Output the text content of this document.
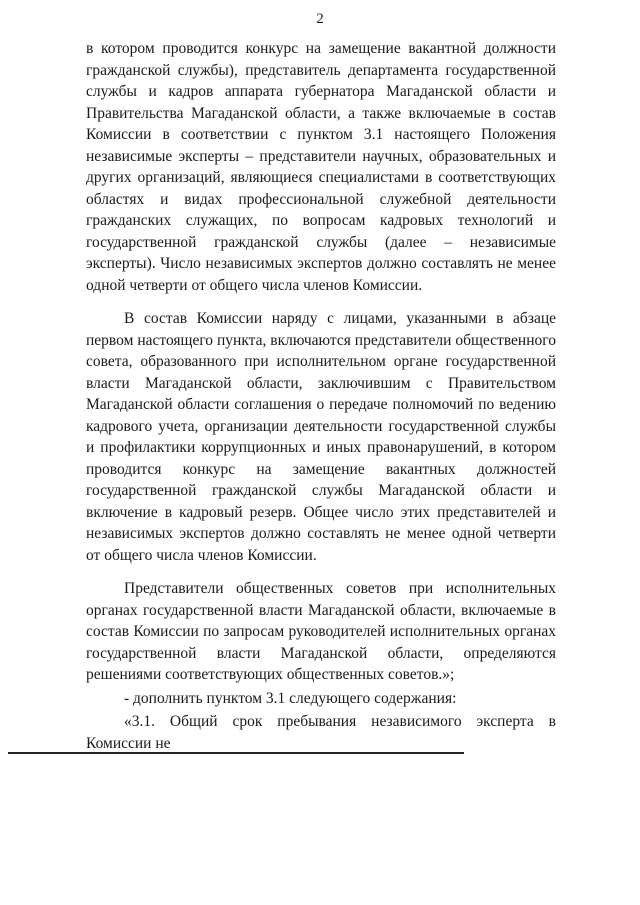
2

в котором проводится конкурс на замещение вакантной должности гражданской службы), представитель департамента государственной службы и кадров аппарата губернатора Магаданской области и Правительства Магаданской области, а также включаемые в состав Комиссии в соответствии с пунктом 3.1 настоящего Положения независимые эксперты – представители научных, образовательных и других организаций, являющиеся специалистами в соответствующих областях и видах профессиональной служебной деятельности гражданских служащих, по вопросам кадровых технологий и государственной гражданской службы (далее – независимые эксперты). Число независимых экспертов должно составлять не менее одной четверти от общего числа членов Комиссии.

В состав Комиссии наряду с лицами, указанными в абзаце первом настоящего пункта, включаются представители общественного совета, образованного при исполнительном органе государственной власти Магаданской области, заключившим с Правительством Магаданской области соглашения о передаче полномочий по ведению кадрового учета, организации деятельности государственной службы и профилактики коррупционных и иных правонарушений, в котором проводится конкурс на замещение вакантных должностей государственной гражданской службы Магаданской области и включение в кадровый резерв. Общее число этих представителей и независимых экспертов должно составлять не менее одной четверти от общего числа членов Комиссии.

Представители общественных советов при исполнительных органах государственной власти Магаданской области, включаемые в состав Комиссии по запросам руководителей исполнительных органах государственной власти Магаданской области, определяются решениями соответствующих общественных советов.»;

- дополнить пунктом 3.1 следующего содержания:

«3.1. Общий срок пребывания независимого эксперта в Комиссии не
